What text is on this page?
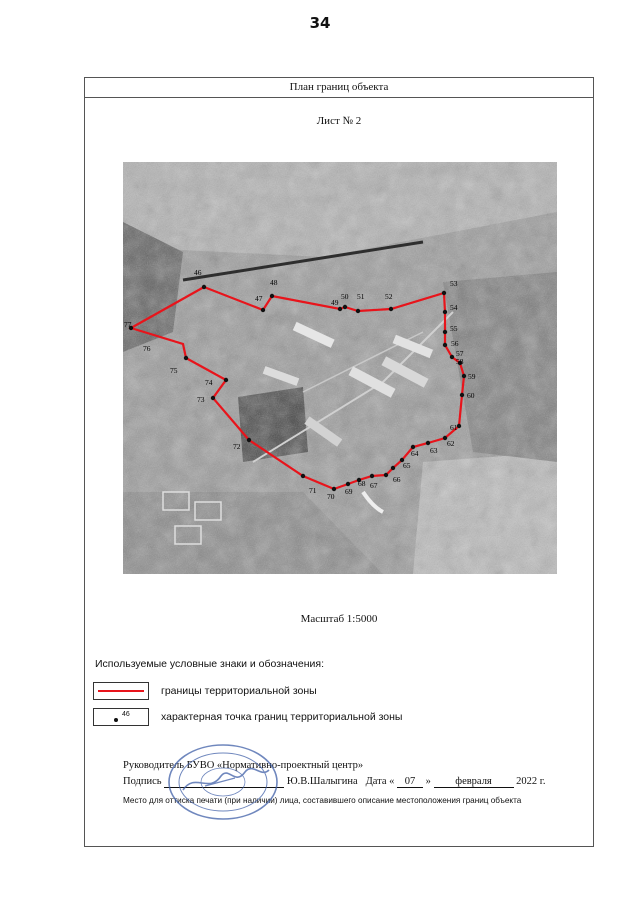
34
План границ объекта
Лист № 2
46
47
48
49
50 51	52
53
54
55
56
57
58
59
60
61
62
63
64
65
66
67
68
69
70
71
72
73
74
75
76
77
Масштаб 1:5000
Используемые условные знаки и обозначения:
границы территориальной зоны
46	характерная точка границ территориальной зоны
Руководитель БУВО «Нормативно-проектный центр»
Подпись	Ю.В.Шалыгина Дата « 07 » февраля 2022 г.
Место для оттиска печати (при наличии) лица, составившего описание местоположения границ объекта
